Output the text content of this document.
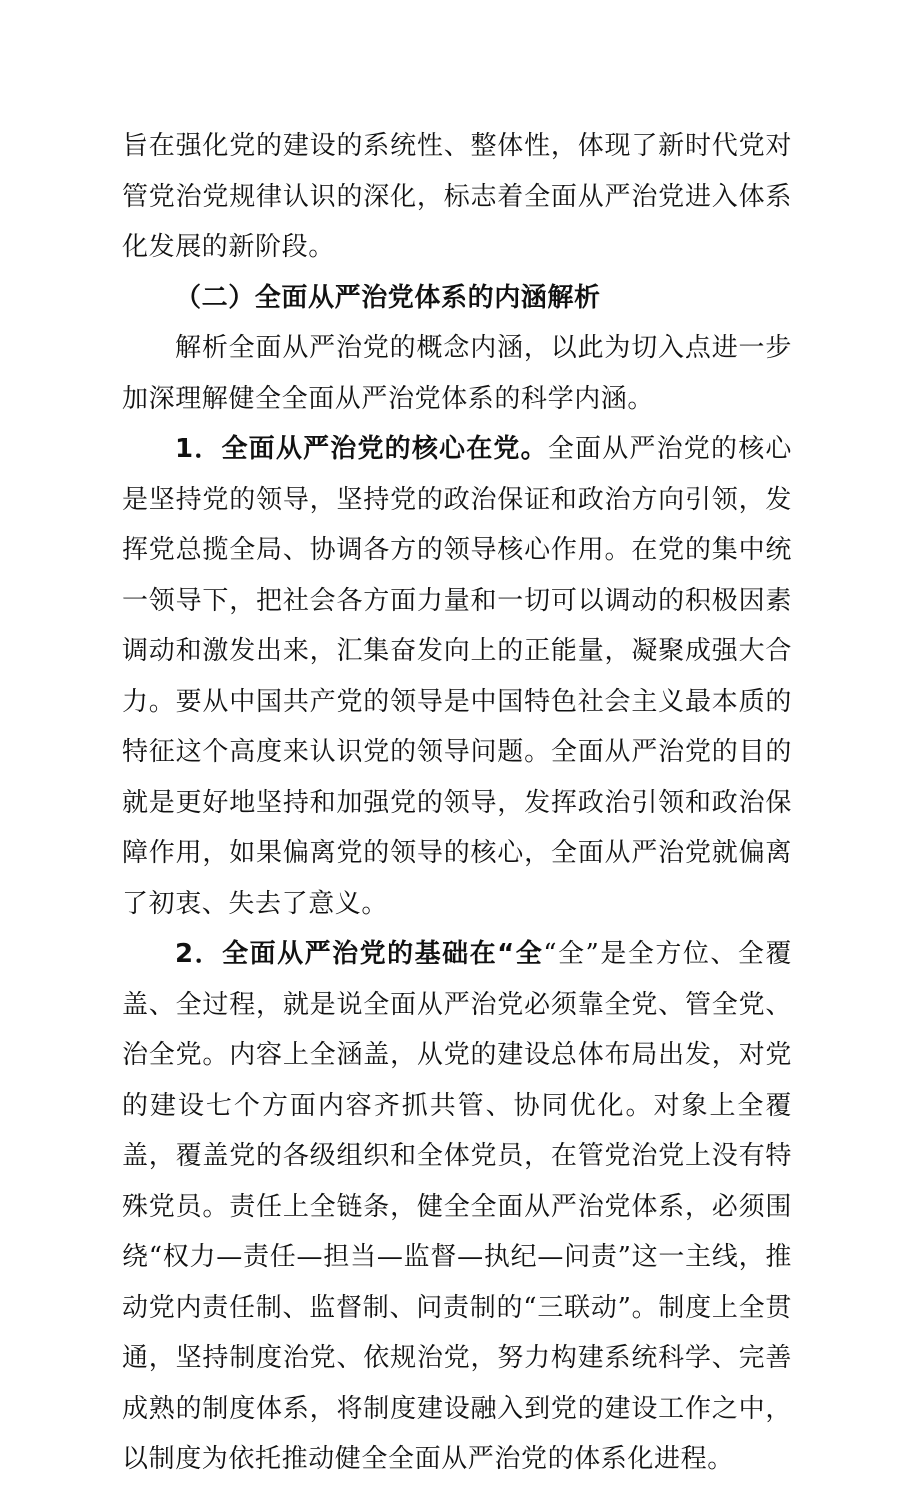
旨在强化党的建设的系统性、整体性，体现了新时代党对管党治党规律认识的深化，标志着全面从严治党进入体系化发展的新阶段。

（二）全面从严治党体系的内涵解析

解析全面从严治党的概念内涵，以此为切入点进一步加深理解健全全面从严治党体系的科学内涵。

1．全面从严治党的核心在党。全面从严治党的核心是坚持党的领导，坚持党的政治保证和政治方向引领，发挥党总揽全局、协调各方的领导核心作用。在党的集中统一领导下，把社会各方面力量和一切可以调动的积极因素调动和激发出来，汇集奋发向上的正能量，凝聚成强大合力。要从中国共产党的领导是中国特色社会主义最本质的特征这个高度来认识党的领导问题。全面从严治党的目的就是更好地坚持和加强党的领导，发挥政治引领和政治保障作用，如果偏离党的领导的核心，全面从严治党就偏离了初衷、失去了意义。

2．全面从严治党的基础在“全“全”是全方位、全覆盖、全过程，就是说全面从严治党必须靠全党、管全党、治全党。内容上全涵盖，从党的建设总体布局出发，对党的建设七个方面内容齐抓共管、协同优化。对象上全覆盖，覆盖党的各级组织和全体党员，在管党治党上没有特殊党员。责任上全链条，健全全面从严治党体系，必须围绕“权力—责任—担当—监督—执纪—问责”这一主线，推动党内责任制、监督制、问责制的“三联动”。制度上全贯通，坚持制度治党、依规治党，努力构建系统科学、完善成熟的制度体系，将制度建设融入到党的建设工作之中，以制度为依托推动健全全面从严治党的体系化进程。
